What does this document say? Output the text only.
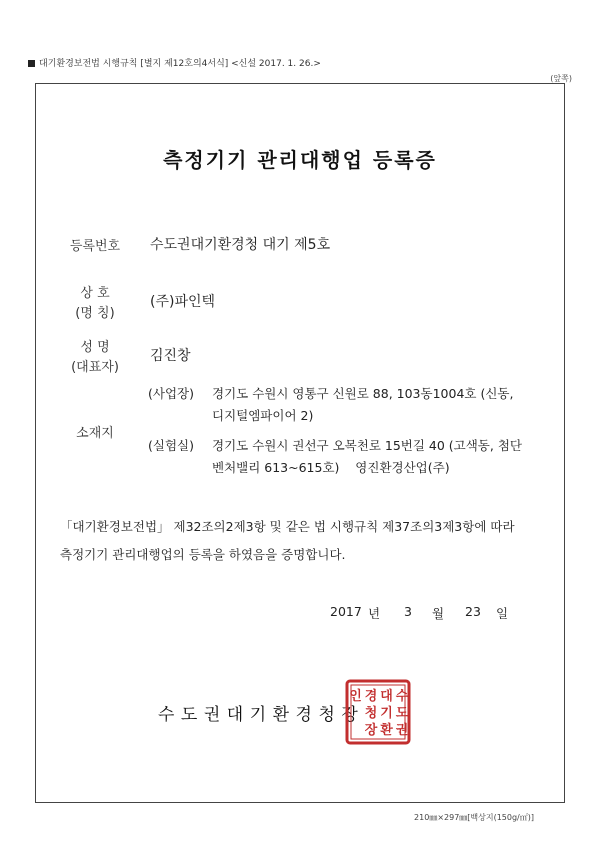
대기환경보전법 시행규칙 [별지 제12호의4서식] <신설 2017. 1. 26.>
(앞쪽)
측정기기 관리대행업 등록증
등록번호	수도권대기환경청 대기 제5호
상 호
(명 칭)
(주)파인텍
성 명
(대표자)
김진창
소재지
(사업장) 경기도 수원시 영통구 신원로 88, 103동1004호 (신동,
디지털엠파이어 2)
(실험실) 경기도 수원시 권선구 오목천로 15번길 40 (고색동, 첨단
벤처밸리 613~615호)    영진환경산업(주)
「대기환경보전법」 제32조의2제3항 및 같은 법 시행규칙 제37조의3제3항에 따라
측정기기 관리대행업의 등록을 하였음을 증명합니다.
2017 년 3 월 23 일
수도권대기환경청장
수
도
권
대
기
환
경
청
장
인
210㎜×297㎜[백상지(150g/㎡)]
